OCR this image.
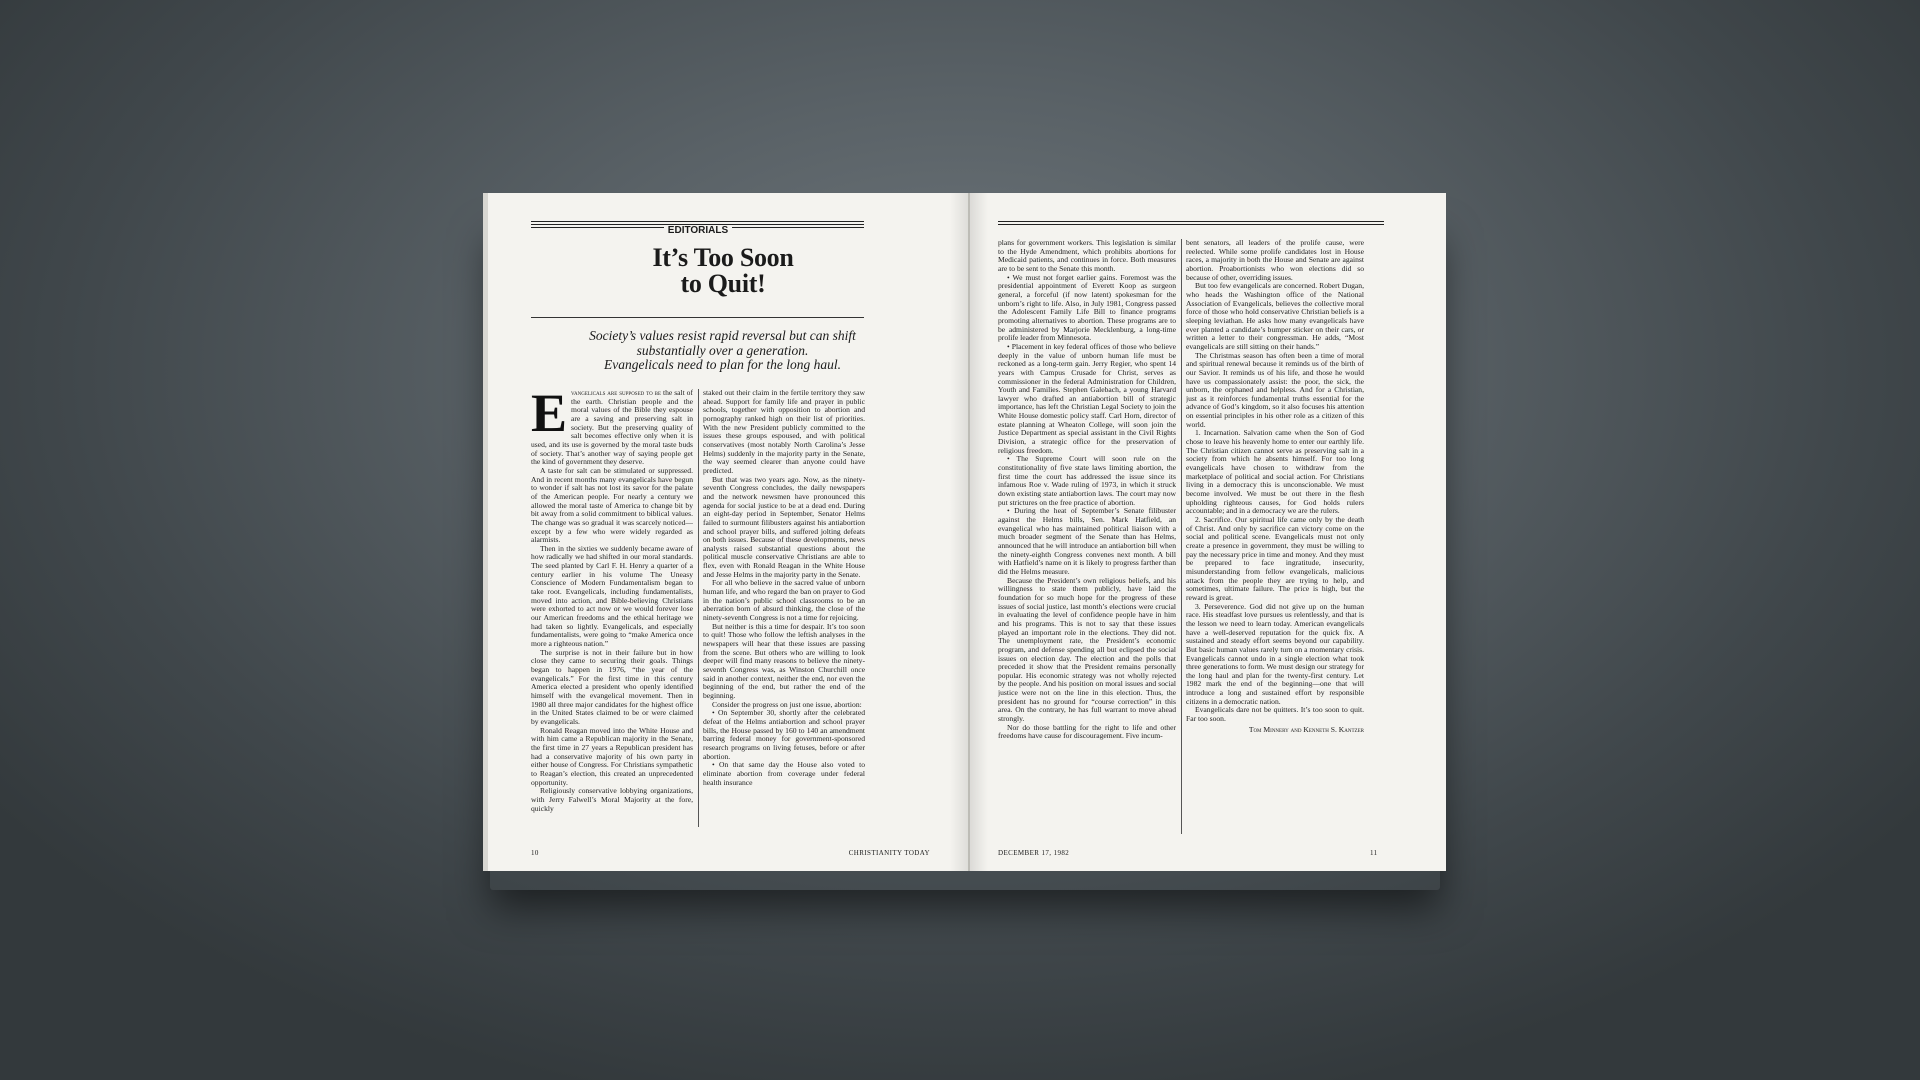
EDITORIALS
It’s Too Soon
to Quit!
Society’s values resist rapid reversal but can shift
substantially over a generation.
Evangelicals need to plan for the long haul.

Evangelicals are supposed to be the salt of the earth. Christian people and the moral values of the Bible they espouse are a saving and preserving salt in society. But the preserving quality of salt becomes effective only when it is used, and its use is governed by the moral taste buds of society. That’s another way of saying people get the kind of government they deserve.

A taste for salt can be stimulated or suppressed. And in recent months many evangelicals have begun to wonder if salt has not lost its savor for the palate of the American people. For nearly a century we allowed the moral taste of America to change bit by bit away from a solid commitment to biblical values. The change was so gradual it was scarcely noticed—except by a few who were widely regarded as alarmists.

Then in the sixties we suddenly became aware of how radically we had shifted in our moral standards. The seed planted by Carl F. H. Henry a quarter of a century earlier in his volume The Uneasy Conscience of Modern Fundamentalism began to take root. Evangelicals, including fundamentalists, moved into action, and Bible-believing Christians were exhorted to act now or we would forever lose our American freedoms and the ethical heritage we had taken so lightly. Evangelicals, and especially fundamentalists, were going to “make America once more a righteous nation.”

The surprise is not in their failure but in how close they came to securing their goals. Things began to happen in 1976, “the year of the evangelicals.” For the first time in this century America elected a president who openly identified himself with the evangelical movement. Then in 1980 all three major candidates for the highest office in the United States claimed to be or were claimed by evangelicals.

Ronald Reagan moved into the White House and with him came a Republican majority in the Senate, the first time in 27 years a Republican president has had a conservative majority of his own party in either house of Congress. For Christians sympathetic to Reagan’s election, this created an unprecedented opportunity.

Religiously conservative lobbying organizations, with Jerry Falwell’s Moral Majority at the fore, quickly

staked out their claim in the fertile territory they saw ahead. Support for family life and prayer in public schools, together with opposition to abortion and pornography ranked high on their list of priorities. With the new President publicly committed to the issues these groups espoused, and with political conservatives (most notably North Carolina’s Jesse Helms) suddenly in the majority party in the Senate, the way seemed clearer than anyone could have predicted.

But that was two years ago. Now, as the ninety-seventh Congress concludes, the daily newspapers and the network newsmen have pronounced this agenda for social justice to be at a dead end. During an eight-day period in September, Senator Helms failed to surmount filibusters against his antiabortion and school prayer bills, and suffered jolting defeats on both issues. Because of these developments, news analysts raised substantial questions about the political muscle conservative Christians are able to flex, even with Ronald Reagan in the White House and Jesse Helms in the majority party in the Senate.

For all who believe in the sacred value of unborn human life, and who regard the ban on prayer to God in the nation’s public school classrooms to be an aberration born of absurd thinking, the close of the ninety-seventh Congress is not a time for rejoicing.

But neither is this a time for despair. It’s too soon to quit! Those who follow the leftish analyses in the newspapers will hear that these issues are passing from the scene. But others who are willing to look deeper will find many reasons to believe the ninety-seventh Congress was, as Winston Churchill once said in another context, neither the end, nor even the beginning of the end, but rather the end of the beginning.

Consider the progress on just one issue, abortion:

• On September 30, shortly after the celebrated defeat of the Helms antiabortion and school prayer bills, the House passed by 160 to 140 an amendment barring federal money for government-sponsored research programs on living fetuses, before or after abortion.

• On that same day the House also voted to eliminate abortion from coverage under federal health insurance

10	CHRISTIANITY TODAY

plans for government workers. This legislation is similar to the Hyde Amendment, which prohibits abortions for Medicaid patients, and continues in force. Both measures are to be sent to the Senate this month.

• We must not forget earlier gains. Foremost was the presidential appointment of Everett Koop as surgeon general, a forceful (if now latent) spokesman for the unborn’s right to life. Also, in July 1981, Congress passed the Adolescent Family Life Bill to finance programs promoting alternatives to abortion. These programs are to be administered by Marjorie Mecklenburg, a long-time prolife leader from Minnesota.

• Placement in key federal offices of those who believe deeply in the value of unborn human life must be reckoned as a long-term gain. Jerry Regier, who spent 14 years with Campus Crusade for Christ, serves as commissioner in the federal Administration for Children, Youth and Families. Stephen Galebach, a young Harvard lawyer who drafted an antiabortion bill of strategic importance, has left the Christian Legal Society to join the White House domestic policy staff. Carl Horn, director of estate planning at Wheaton College, will soon join the Justice Department as special assistant in the Civil Rights Division, a strategic office for the preservation of religious freedom.

• The Supreme Court will soon rule on the constitutionality of five state laws limiting abortion, the first time the court has addressed the issue since its infamous Roe v. Wade ruling of 1973, in which it struck down existing state antiabortion laws. The court may now put strictures on the free practice of abortion.

• During the heat of September’s Senate filibuster against the Helms bills, Sen. Mark Hatfield, an evangelical who has maintained political liaison with a much broader segment of the Senate than has Helms, announced that he will introduce an antiabortion bill when the ninety-eighth Congress convenes next month. A bill with Hatfield’s name on it is likely to progress farther than did the Helms measure.

Because the President’s own religious beliefs, and his willingness to state them publicly, have laid the foundation for so much hope for the progress of these issues of social justice, last month’s elections were crucial in evaluating the level of confidence people have in him and his programs. This is not to say that these issues played an important role in the elections. They did not. The unemployment rate, the President’s economic program, and defense spending all but eclipsed the social issues on election day. The election and the polls that preceded it show that the President remains personally popular. His economic strategy was not wholly rejected by the people. And his position on moral issues and social justice were not on the line in this election. Thus, the president has no ground for “course correction” in this area. On the contrary, he has full warrant to move ahead strongly.

Nor do those battling for the right to life and other freedoms have cause for discouragement. Five incum-

bent senators, all leaders of the prolife cause, were reelected. While some prolife candidates lost in House races, a majority in both the House and Senate are against abortion. Proabortionists who won elections did so because of other, overriding issues.

But too few evangelicals are concerned. Robert Dugan, who heads the Washington office of the National Association of Evangelicals, believes the collective moral force of those who hold conservative Christian beliefs is a sleeping leviathan. He asks how many evangelicals have ever planted a candidate’s bumper sticker on their cars, or written a letter to their congressman. He adds, “Most evangelicals are still sitting on their hands.”

The Christmas season has often been a time of moral and spiritual renewal because it reminds us of the birth of our Savior. It reminds us of his life, and those he would have us compassionately assist: the poor, the sick, the unborn, the orphaned and helpless. And for a Christian, just as it reinforces fundamental truths essential for the advance of God’s kingdom, so it also focuses his attention on essential principles in his other role as a citizen of this world.

1. Incarnation. Salvation came when the Son of God chose to leave his heavenly home to enter our earthly life. The Christian citizen cannot serve as preserving salt in a society from which he absents himself. For too long evangelicals have chosen to withdraw from the marketplace of political and social action. For Christians living in a democracy this is unconscionable. We must become involved. We must be out there in the flesh upholding righteous causes, for God holds rulers accountable; and in a democracy we are the rulers.

2. Sacrifice. Our spiritual life came only by the death of Christ. And only by sacrifice can victory come on the social and political scene. Evangelicals must not only create a presence in government, they must be willing to pay the necessary price in time and money. And they must be prepared to face ingratitude, insecurity, misunderstanding from fellow evangelicals, malicious attack from the people they are trying to help, and sometimes, ultimate failure. The price is high, but the reward is great.

3. Perseverence. God did not give up on the human race. His steadfast love pursues us relentlessly, and that is the lesson we need to learn today. American evangelicals have a well-deserved reputation for the quick fix. A sustained and steady effort seems beyond our capability. But basic human values rarely turn on a momentary crisis. Evangelicals cannot undo in a single election what took three generations to form. We must design our strategy for the long haul and plan for the twenty-first century. Let 1982 mark the end of the beginning—one that will introduce a long and sustained effort by responsible citizens in a democratic nation.

Evangelicals dare not be quitters. It’s too soon to quit. Far too soon.

Tom Minnery and Kenneth S. Kantzer
DECEMBER 17, 1982	11
